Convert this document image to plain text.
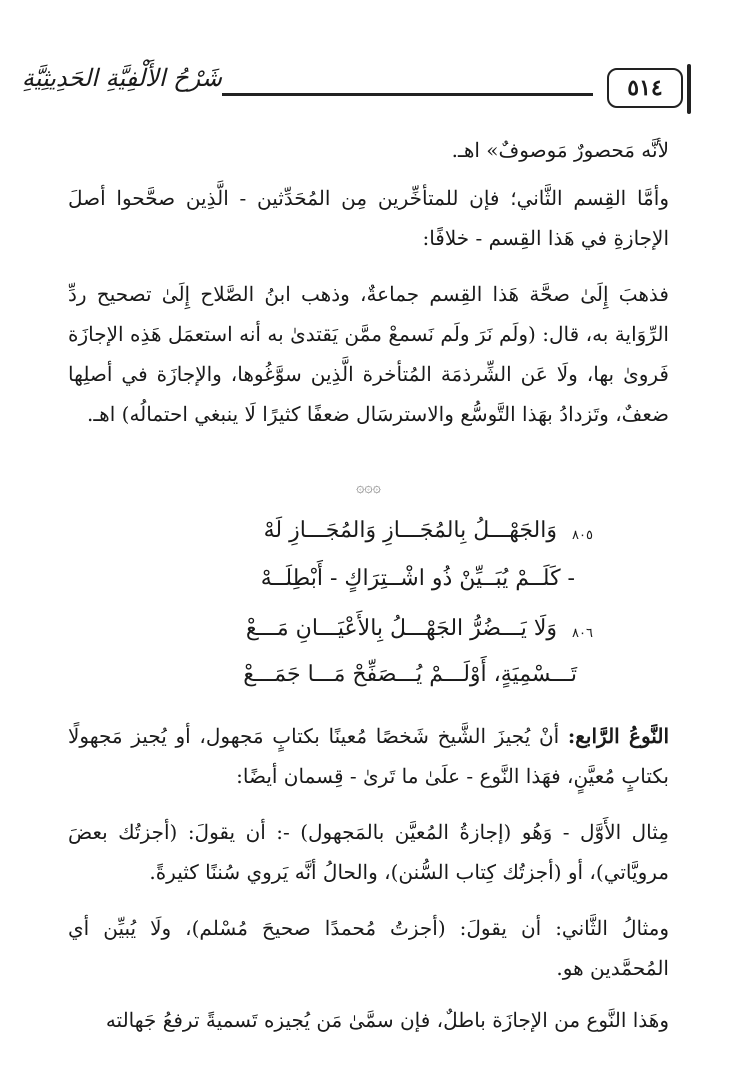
٥١٤
شَرْحُ الأَلْفِيَّةِ الحَدِيثِيَّةِ
لأنَّه مَحصورٌ مَوصوفٌ» اهـ.
وأمَّا القِسم الثَّاني؛ فإن للمتأخِّرين مِن المُحَدِّثين - الَّذِين صحَّحوا أصلَ الإجازةِ في هَذا القِسم - خلافًا:
فذهبَ إِلَىٰ صحَّة هَذا القِسم جماعةٌ، وذهب ابنُ الصَّلاح إِلَىٰ تصحيح ردِّ الرِّوَاية به، قال: (ولَم نَرَ ولَم نَسمعْ ممَّن يَقتدىٰ به أنه استعمَل هَذِه الإجازَة فَروىٰ بها، ولَا عَن الشِّرذمَة المُتأخرة الَّذِين سوَّغُوها، والإجازَة في أصلِها ضعفٌ، وتَزدادُ بهَذا التَّوسُّع والاسترسَال ضعفًا كثيرًا لَا ينبغي احتمالُه) اهـ.
۞۞۞
٨٠٥
وَالجَهْـــلُ بِالمُجَـــازِ وَالمُجَـــازِ لَهْ
- كَلَــمْ يُبَــيِّنْ ذُو اشْــتِرَاكٍ - أَبْطِلَــهْ
٨٠٦
وَلَا يَـــضُرُّ الجَهْـــلُ بِالأَعْيَـــانِ مَـــعْ
تَـــسْمِيَةٍ، أَوْلَـــمْ يُـــصَفِّحْ مَـــا جَمَـــعْ
النَّوعُ الرَّابع: أنْ يُجيزَ الشَّيخ شَخصًا مُعينًا بكتابٍ مَجهول، أو يُجيز مَجهولًا بكتابٍ مُعيَّنٍ، فهَذا النَّوع - علَىٰ ما تَرىٰ - قِسمان أيضًا:
مِثال الأَوَّل - وَهُو (إجازةُ المُعيَّن بالمَجهول) -: أن يقولَ: (أجزتُك بعضَ مرويَّاتي)، أو (أجزتُك كِتاب السُّنن)، والحالُ أنَّه يَروي سُننًا كثيرةً.
ومثالُ الثَّاني: أن يقولَ: (أجزتُ مُحمدًا صحيحَ مُسْلم)، ولَا يُبيِّن أي المُحمَّدين هو.
وهَذا النَّوع من الإجازَة باطلٌ، فإن سمَّىٰ مَن يُجيزه تَسميةً ترفعُ جَهالته
